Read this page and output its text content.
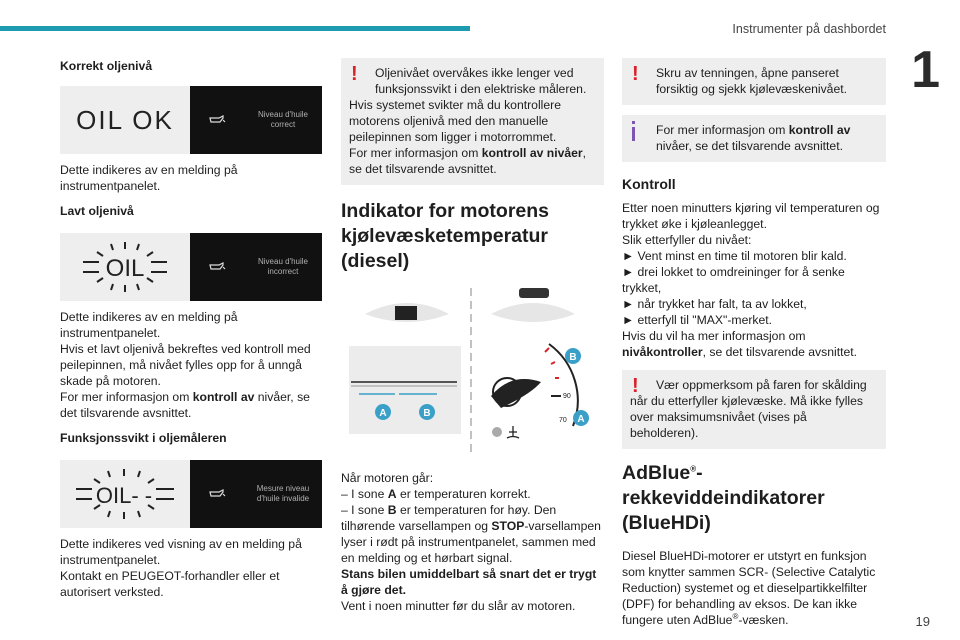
Instrumenter på dashbordet
1
19
Korrekt oljenivå
OIL OK	Niveau d'huile correct

Dette indikeres av en melding på instrumentpanelet.

Lavt oljenivå
OIL	Niveau d'huile incorrect

Dette indikeres av en melding på instrumentpanelet.

Hvis et lavt oljenivå bekreftes ved kontroll med peilepinnen, må nivået fylles opp for å unngå skade på motoren.

For mer informasjon om kontroll av nivåer, se det tilsvarende avsnittet.

Funksjonssvikt i oljemåleren
OIL- -	Mesure niveau d'huile invalide

Dette indikeres ved visning av en melding på instrumentpanelet.

Kontakt en PEUGEOT-forhandler eller et autorisert verksted.

!	Oljenivået overvåkes ikke lenger ved funksjonssvikt i den elektriske måleren.

Hvis systemet svikter må du kontrollere motorens oljenivå med den manuelle peilepinnen som ligger i motorrommet.

For mer informasjon om kontroll av nivåer, se det tilsvarende avsnittet.

Indikator for motorens kjølevæsketemperatur (diesel)
A	B
90
70
B
A

Når motoren går:

– I sone A er temperaturen korrekt.

– I sone B er temperaturen for høy. Den tilhørende varsellampen og STOP-varsellampen lyser i rødt på instrumentpanelet, sammen med en melding og et hørbart signal.

Stans bilen umiddelbart så snart det er trygt å gjøre det.

Vent i noen minutter før du slår av motoren.

!	Skru av tenningen, åpne panseret forsiktig og sjekk kjølevæskenivået.

For mer informasjon om kontroll av nivåer, se det tilsvarende avsnittet.

Kontroll

Etter noen minutters kjøring vil temperaturen og trykket øke i kjøleanlegget.

Slik etterfyller du nivået:

► Vent minst en time til motoren blir kald.

► drei lokket to omdreininger for å senke trykket,

► når trykket har falt, ta av lokket,

► etterfyll til "MAX"-merket.

Hvis du vil ha mer informasjon om nivåkontroller, se det tilsvarende avsnittet.

!	Vær oppmerksom på faren for skålding når du etterfyller kjølevæske. Må ikke fylles over maksimumsnivået (vises på beholderen).

AdBlue®-rekkeviddeindikatorer (BlueHDi)

Diesel BlueHDi-motorer er utstyrt en funksjon som knytter sammen SCR- (Selective Catalytic Reduction) systemet og et dieselpartikkelfilter (DPF) for behandling av eksos. De kan ikke fungere uten AdBlue®-væsken.
